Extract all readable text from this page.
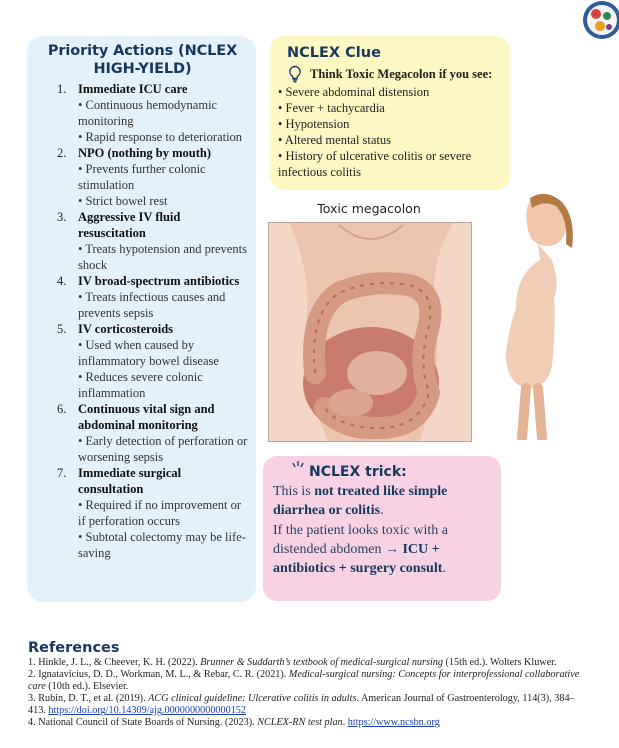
Priority Actions (NCLEX HIGH-YIELD)
1. Immediate ICU care
• Continuous hemodynamic monitoring
• Rapid response to deterioration
2. NPO (nothing by mouth)
• Prevents further colonic stimulation
• Strict bowel rest
3. Aggressive IV fluid resuscitation
• Treats hypotension and prevents shock
4. IV broad-spectrum antibiotics
• Treats infectious causes and prevents sepsis
5. IV corticosteroids
• Used when caused by inflammatory bowel disease
• Reduces severe colonic inflammation
6. Continuous vital sign and abdominal monitoring
• Early detection of perforation or worsening sepsis
7. Immediate surgical consultation
• Required if no improvement or if perforation occurs
• Subtotal colectomy may be life-saving
NCLEX Clue
Think Toxic Megacolon if you see:
• Severe abdominal distension
• Fever + tachycardia
• Hypotension
• Altered mental status
• History of ulcerative colitis or severe infectious colitis
Toxic megacolon
NCLEX trick:

This is not treated like simple diarrhea or colitis.

If the patient looks toxic with a distended abdomen → ICU + antibiotics + surgery consult.

References

1. Hinkle, J. L., & Cheever, K. H. (2022). Brunner & Suddarth’s textbook of medical-surgical nursing (15th ed.). Wolters Kluwer.

2. Ignatavicius, D. D., Workman, M. L., & Rebar, C. R. (2021). Medical-surgical nursing: Concepts for interprofessional collaborative care (10th ed.). Elsevier.

3. Rubin, D. T., et al. (2019). ACG clinical guideline: Ulcerative colitis in adults. American Journal of Gastroenterology, 114(3), 384–413. https://doi.org/10.14309/ajg.0000000000000152

4. National Council of State Boards of Nursing. (2023). NCLEX-RN test plan. https://www.ncsbn.org
